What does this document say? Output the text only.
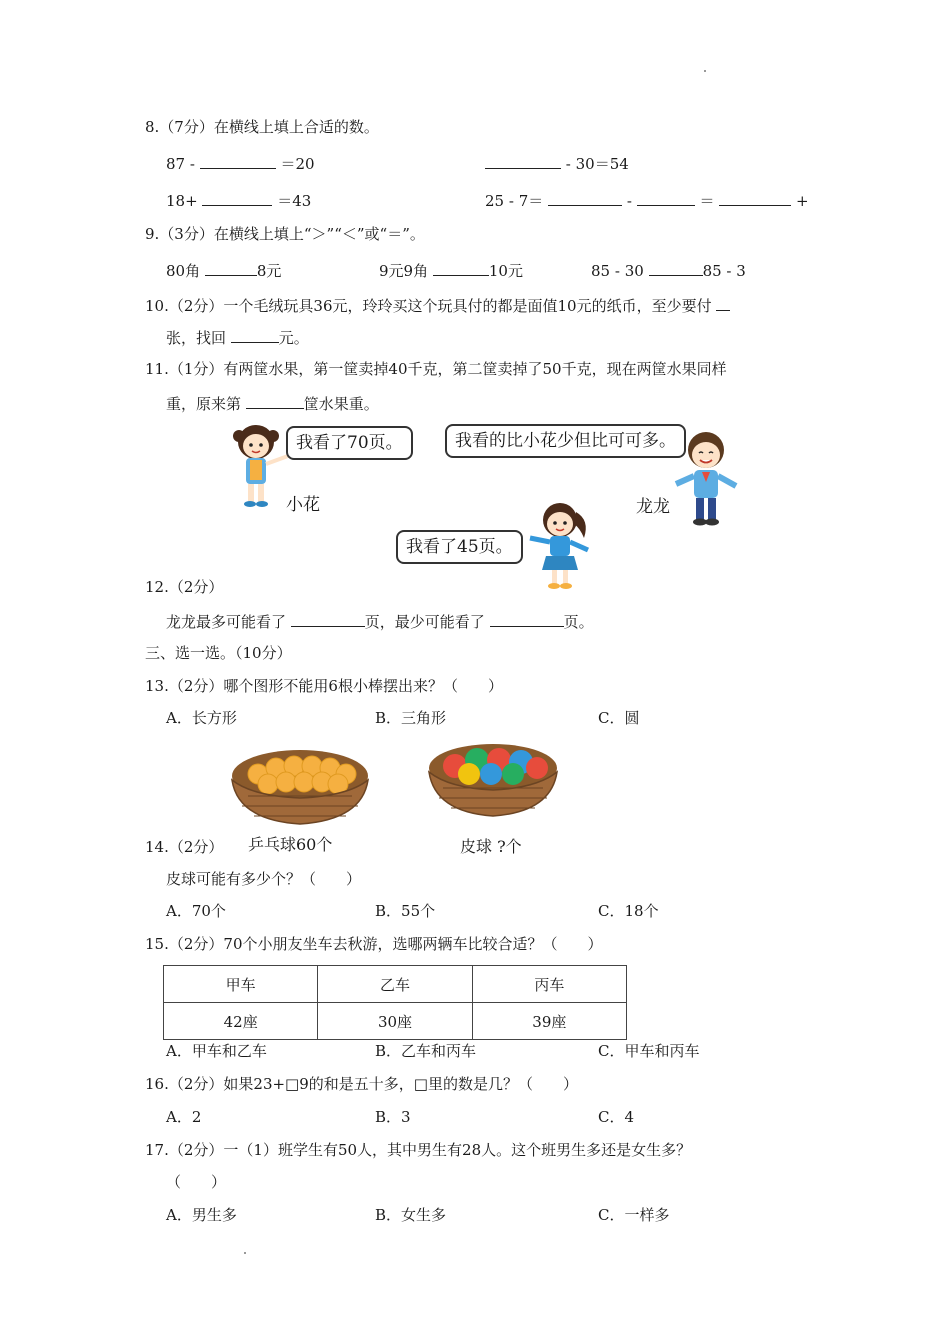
8.（7分）在横线上填上合适的数。
87 -	＝20	- 30＝54
18+	＝43	25 - 7＝	-	＝	+
9.（3分）在横线上填上“＞”“＜”或“＝”。
80角	8元	9元9角	10元	85 - 30	85 - 3
10.（2分）一个毛绒玩具36元，玲玲买这个玩具付的都是面值10元的纸币，至少要付
张，找回	元。
11.（1分）有两筐水果，第一筐卖掉40千克，第二筐卖掉了50千克，现在两筐水果同样
重，原来第	筐水果重。
我看了70页。
小花
我看的比小花少但比可可多。
龙龙
我看了45页。
12.（2分）
龙龙最多可能看了	页，最少可能看了	页。
三、选一选。（10分）
13.（2分）哪个图形不能用6根小棒摆出来？（　　）
A．长方形	B．三角形	C．圆
乒乓球60个	皮球 ?个
14.（2分）
皮球可能有多少个？（　　）
A．70个	B．55个	C．18个
15.（2分）70个小朋友坐车去秋游，选哪两辆车比较合适？（　　）
甲车	乙车	丙车
42座	30座	39座
A．甲车和乙车	B．乙车和丙车	C．甲车和丙车
16.（2分）如果23+□9的和是五十多，□里的数是几？（　　）
A．2	B．3	C．4
17.（2分）一（1）班学生有50人，其中男生有28人。这个班男生多还是女生多？
（　　）
A．男生多	B．女生多	C．一样多
